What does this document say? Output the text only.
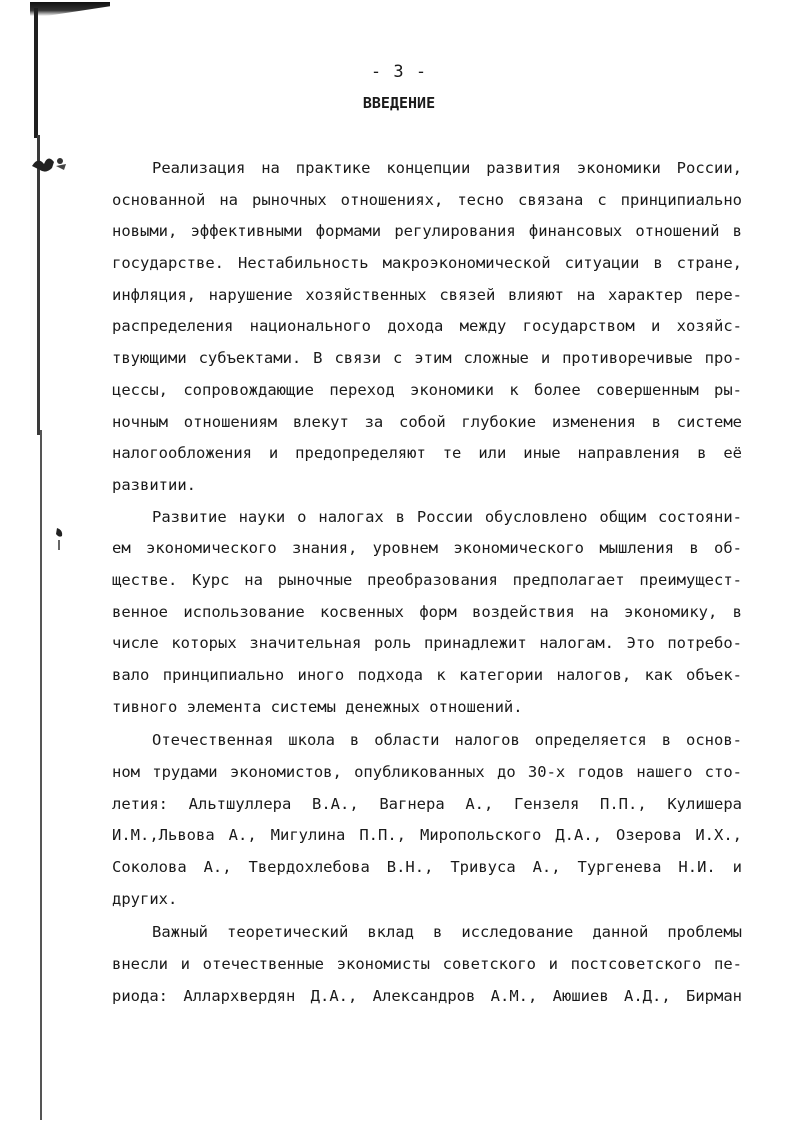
- 3 -
ВВЕДЕНИЕ
Реализация на практике концепции развития экономики России,
основанной на рыночных отношениях, тесно связана с принципиально
новыми, эффективными формами регулирования финансовых отношений в
государстве. Нестабильность макроэкономической ситуации в стране,
инфляция, нарушение хозяйственных связей влияют на характер пере-
распределения национального дохода между государством и хозяйс-
твующими субъектами. В связи с этим сложные и противоречивые про-
цессы, сопровождающие переход экономики к более совершенным ры-
ночным отношениям влекут за собой глубокие изменения в системе
налогообложения и предопределяют те или иные направления в её
развитии.
Развитие науки о налогах в России обусловлено общим состояни-
ем экономического знания, уровнем экономического мышления в об-
ществе. Курс на рыночные преобразования предполагает преимущест-
венное использование косвенных форм воздействия на экономику, в
числе которых значительная роль принадлежит налогам. Это потребо-
вало принципиально иного подхода к категории налогов, как объек-
тивного элемента системы денежных отношений.
Отечественная школа в области налогов определяется в основ-
ном трудами экономистов, опубликованных до 30-х годов нашего сто-
летия: Альтшуллера В.А., Вагнера А., Гензеля П.П., Кулишера
И.М.,Львова А., Мигулина П.П., Миропольского Д.А., Озерова И.Х.,
Соколова А., Твердохлебова В.Н., Тривуса А., Тургенева Н.И. и
других.
Важный теоретический вклад в исследование данной проблемы
внесли и отечественные экономисты советского и постсоветского пе-
риода: Аллархвердян Д.А., Александров А.М., Аюшиев А.Д., Бирман
